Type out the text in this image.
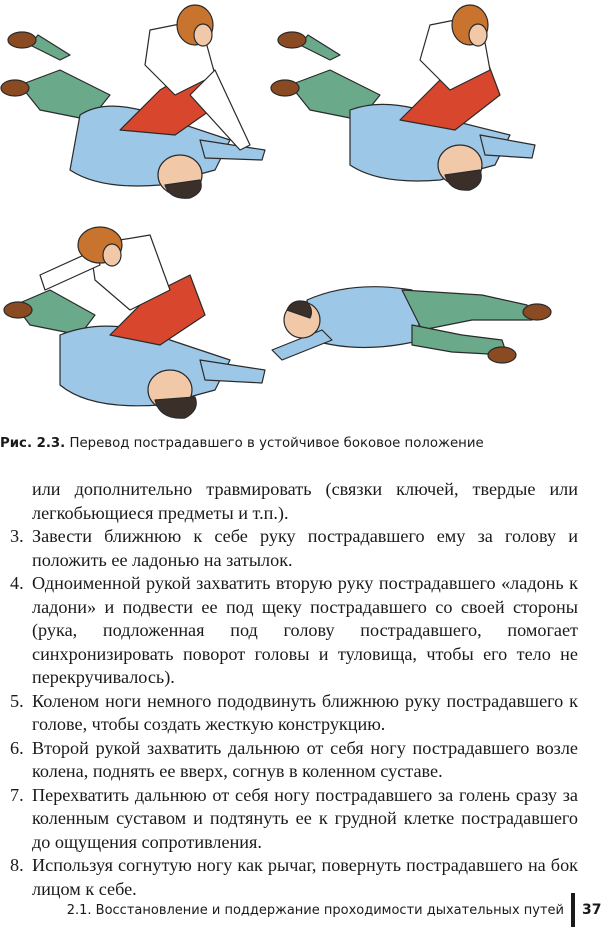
Рис. 2.3. Перевод пострадавшего в устойчивое боковое положение

или дополнительно травмировать (связки ключей, твердые или легкобьющиеся предметы и т.п.).

3. Завести ближнюю к себе руку пострадавшего ему за голову и положить ее ладонью на затылок.
4. Одноименной рукой захватить вторую руку пострадавшего «ладонь к ладони» и подвести ее под щеку пострадавшего со своей стороны (рука, подложенная под голову пострадавшего, помогает синхронизировать поворот головы и туловища, чтобы его тело не перекручивалось).
5. Коленом ноги немного пододвинуть ближнюю руку пострадавшего к голове, чтобы создать жесткую конструкцию.
6. Второй рукой захватить дальнюю от себя ногу пострадавшего возле колена, поднять ее вверх, согнув в коленном суставе.
7. Перехватить дальнюю от себя ногу пострадавшего за голень сразу за коленным суставом и подтянуть ее к грудной клетке пострадавшего до ощущения сопротивления.
8. Используя согнутую ногу как рычаг, повернуть пострадавшего на бок лицом к себе.
2.1. Восстановление и поддержание проходимости дыхательных путей 37
